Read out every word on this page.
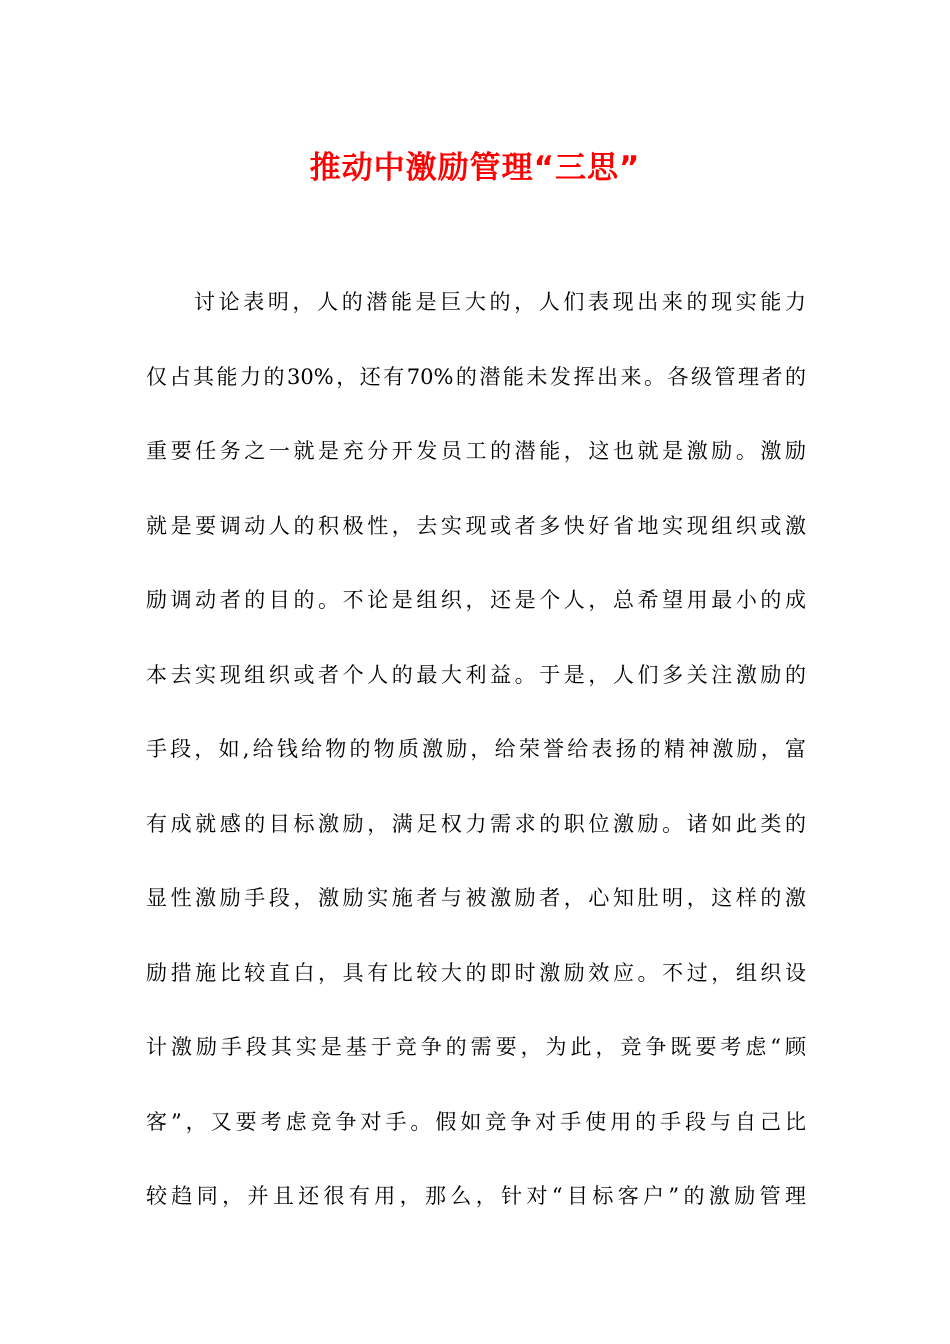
推动中激励管理“三思”
讨论表明，人的潜能是巨大的，人们表现出来的现实能力
仅占其能力的30%，还有70%的潜能未发挥出来。各级管理者的
重要任务之一就是充分开发员工的潜能，这也就是激励。激励
就是要调动人的积极性，去实现或者多快好省地实现组织或激
励调动者的目的。不论是组织，还是个人，总希望用最小的成
本去实现组织或者个人的最大利益。于是，人们多关注激励的
手段，如,给钱给物的物质激励，给荣誉给表扬的精神激励，富
有成就感的目标激励，满足权力需求的职位激励。诸如此类的
显性激励手段，激励实施者与被激励者，心知肚明，这样的激
励措施比较直白，具有比较大的即时激励效应。不过，组织设
计激励手段其实是基于竞争的需要，为此，竞争既要考虑“顾
客”，又要考虑竞争对手。假如竞争对手使用的手段与自己比
较趋同，并且还很有用，那么，针对“目标客户”的激励管理
